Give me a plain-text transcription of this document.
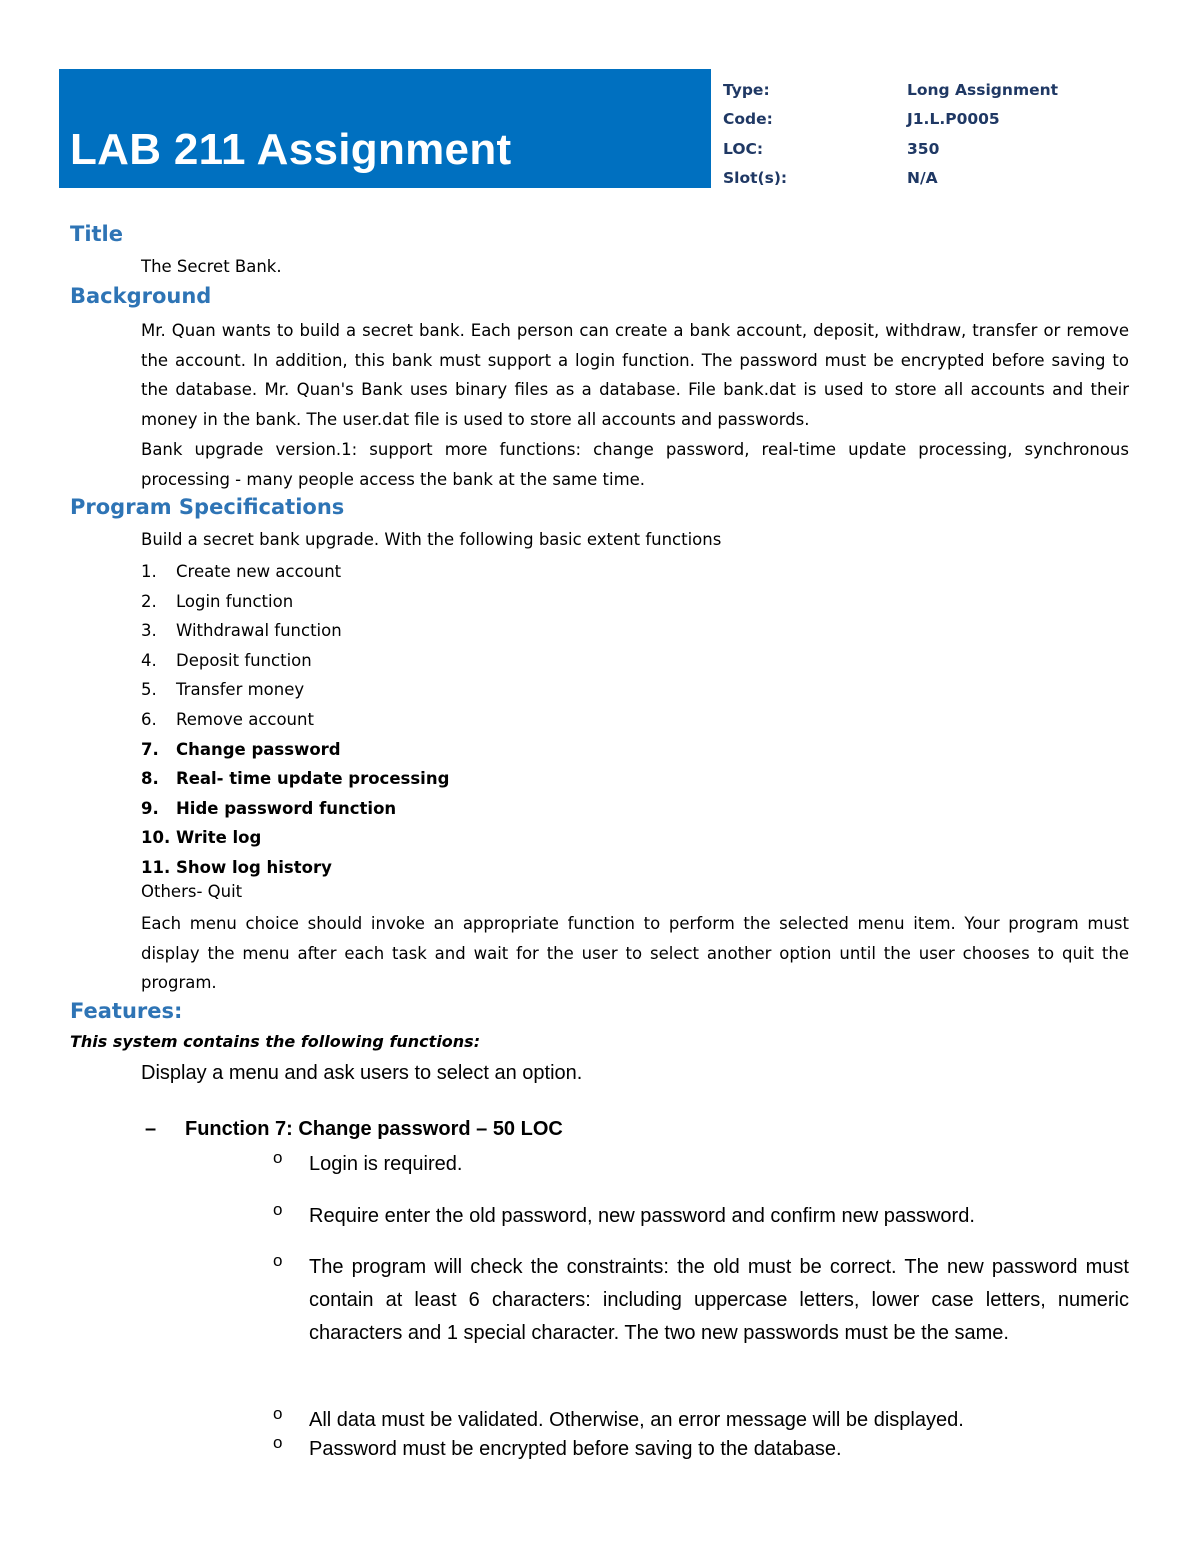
LAB 211 Assignment
Type:	Long Assignment
Code:	J1.L.P0005
LOC:	350
Slot(s):	N/A
Title
The Secret Bank.
Background
Mr. Quan wants to build a secret bank. Each person can create a bank account, deposit, withdraw, transfer or remove the account. In addition, this bank must support a login function. The password must be encrypted before saving to the database. Mr. Quan's Bank uses binary files as a database. File bank.dat is used to store all accounts and their money in the bank. The user.dat file is used to store all accounts and passwords.
Bank upgrade version.1: support more functions: change password, real-time update processing, synchronous processing - many people access the bank at the same time.
Program Specifications
Build a secret bank upgrade. With the following basic extent functions
1. Create new account
2. Login function
3. Withdrawal function
4. Deposit function
5. Transfer money
6. Remove account
7. Change password
8. Real- time update processing
9. Hide password function
10. Write log
11. Show log history
Others- Quit
Each menu choice should invoke an appropriate function to perform the selected menu item. Your program must display the menu after each task and wait for the user to select another option until the user chooses to quit the program.
Features:
This system contains the following functions:
Display a menu and ask users to select an option.
– Function 7: Change password – 50 LOC
o Login is required.
o Require enter the old password, new password and confirm new password.
o The program will check the constraints: the old must be correct. The new password must contain at least 6 characters: including uppercase letters, lower case letters, numeric characters and 1 special character. The two new passwords must be the same.
o All data must be validated. Otherwise, an error message will be displayed.
o Password must be encrypted before saving to the database.
